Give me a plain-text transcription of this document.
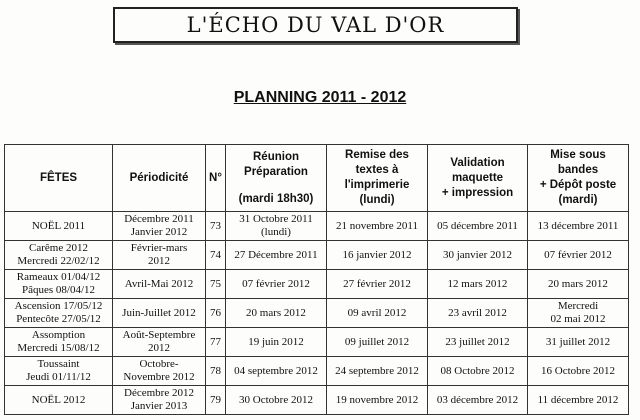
L'ÉCHO DU VAL D'OR
PLANNING 2011 - 2012
FÊTES	Périodicité	N°	Réunion
Préparation
(mardi 18h30)	Remise des
textes à
l'imprimerie
(lundi)	Validation
maquette
+ impression	Mise sous
bandes
+ Dépôt poste
(mardi)

NOËL 2011	Décembre 2011
Janvier 2012	73	31 Octobre 2011
(lundi)	21 novembre 2011	05 décembre 2011	13 décembre 2011

Carême 2012
Mercredi 22/02/12	Février-mars
2012	74	27 Décembre 2011	16 janvier 2012	30 janvier 2012	07 février 2012

Rameaux 01/04/12
Pâques 08/04/12	Avril-Mai 2012	75	07 février 2012	27 février 2012	12 mars 2012	20 mars 2012

Ascension 17/05/12
Pentecôte 27/05/12	Juin-Juillet 2012	76	20 mars 2012	09 avril 2012	23 avril 2012	Mercredi
02 mai 2012

Assomption
Mercredi 15/08/12	Août-Septembre
2012	77	19 juin 2012	09 juillet 2012	23 juillet 2012	31 juillet 2012

Toussaint
Jeudi 01/11/12	Octobre-
Novembre 2012	78	04 septembre 2012	24 septembre 2012	08 Octobre 2012	16 Octobre 2012

NOËL 2012	Décembre 2012
Janvier 2013	79	30 Octobre 2012	19 novembre 2012	03 décembre 2012	11 décembre 2012
